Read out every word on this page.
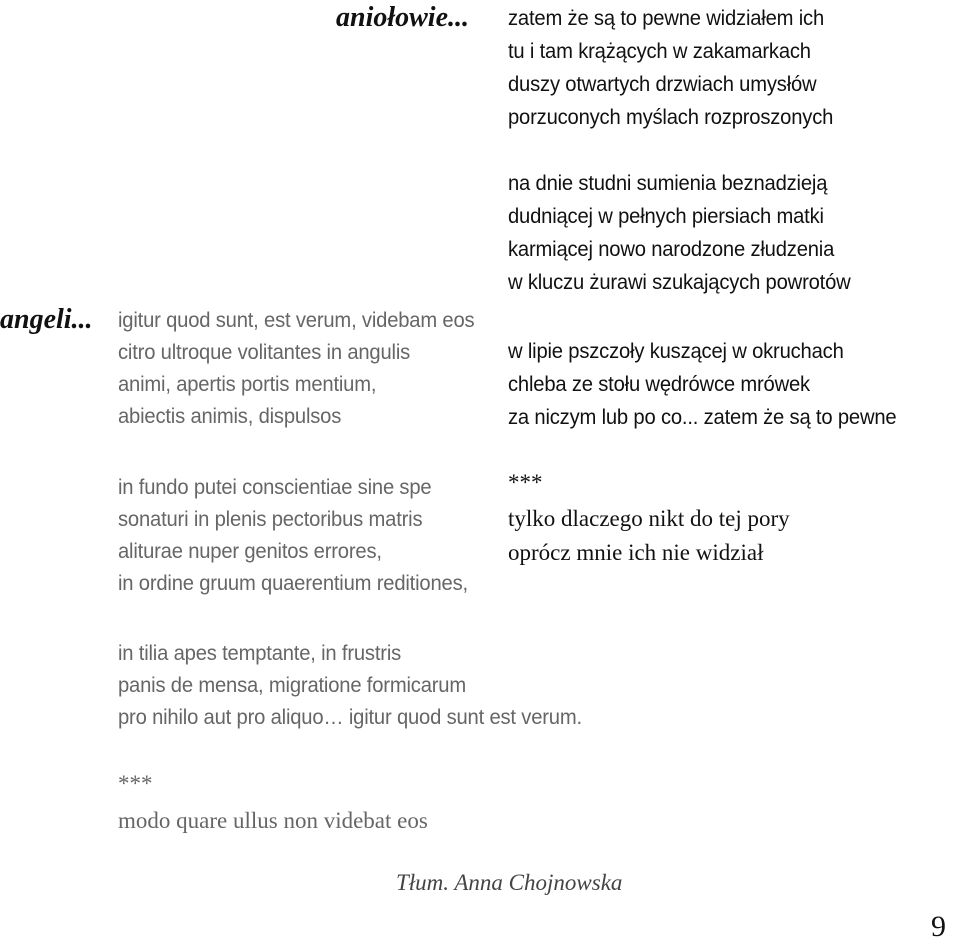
aniołowie... zatem że są to pewne widziałem ich
tu i tam krążących w zakamarkach
duszy otwartych drzwiach umysłów
porzuconych myślach rozproszonych
na dnie studni sumienia beznadzieją
dudniącej w pełnych piersiach matki
karmiącej nowo narodzone złudzenia
w kluczu żurawi szukających powrotów
angeli... igitur quod sunt, est verum, videbam eos
citro ultroque volitantes in angulis
animi, apertis portis mentium,
abiectis animis, dispulsos
w lipie pszczoły kuszącej w okruchach
chleba ze stołu wędrówce mrówek
za niczym lub po co... zatem że są to pewne
***
tylko dlaczego nikt do tej pory
oprócz mnie ich nie widział
in fundo putei conscientiae sine spe
sonaturi in plenis pectoribus matris
aliturae nuper genitos errores,
in ordine gruum quaerentium reditiones,
in tilia apes temptante, in frustris
panis de mensa, migratione formicarum
pro nihilo aut pro aliquo… igitur quod sunt est verum.
***
modo quare ullus non videbat eos
Tłum. Anna Chojnowska
9
